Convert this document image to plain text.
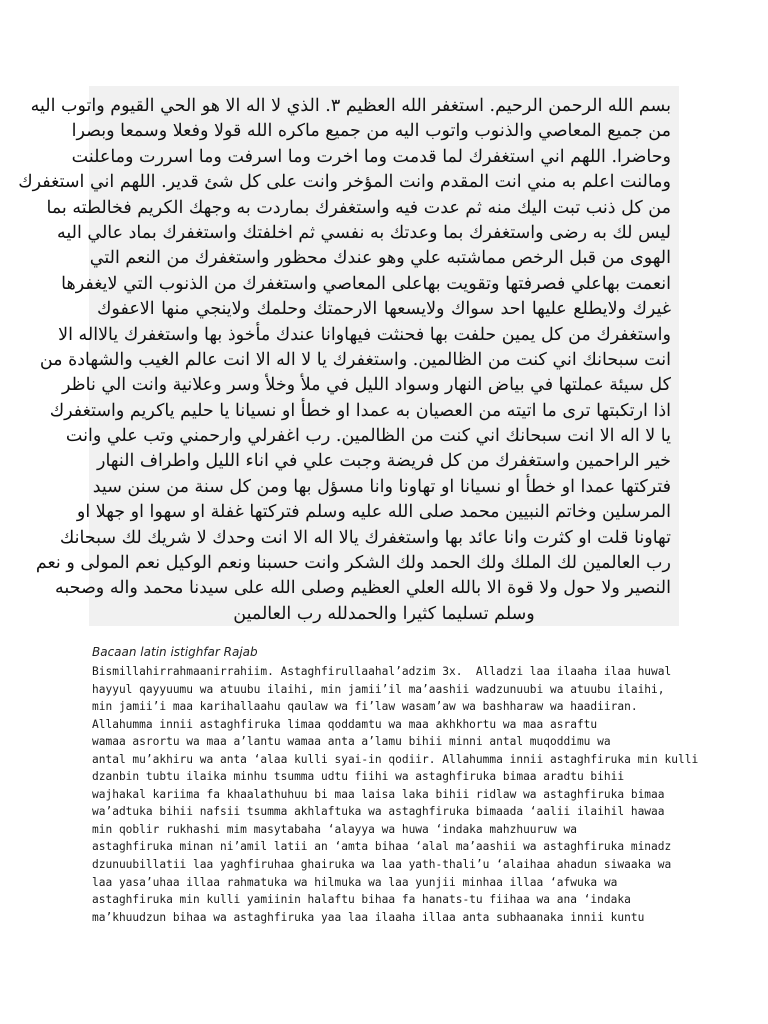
بسم الله الرحمن الرحيم. استغفر الله العظيم ٣. الذي لا اله الا هو الحي القيوم واتوب اليه
من جميع المعاصي والذنوب واتوب اليه من جميع ماكره الله قولا وفعلا وسمعا وبصرا
وحاضرا. اللهم اني استغفرك لما قدمت وما اخرت وما اسرفت وما اسررت وماعلنت
ومالنت اعلم به مني انت المقدم وانت المؤخر وانت على كل شئ قدير. اللهم اني استغفرك
من كل ذنب تبت اليك منه ثم عدت فيه واستغفرك بماردت به وجهك الكريم فخالطته بما
ليس لك به رضى واستغفرك بما وعدتك به نفسي ثم اخلفتك واستغفرك بماد عالي اليه
الهوى من قبل الرخص مماشتبه علي وهو عندك محظور واستغفرك من النعم التي
انعمت بهاعلي فصرفتها وتقويت بهاعلى المعاصي واستغفرك من الذنوب التي لايغفرها
غيرك ولايطلع عليها احد سواك ولايسعها الارحمتك وحلمك ولاينجي منها الاعفوك
واستغفرك من كل يمين حلفت بها فحنثت فيهاوانا عندك مأخوذ بها واستغفرك يالااله الا
انت سبحانك اني كنت من الظالمين. واستغفرك يا لا اله الا انت عالم الغيب والشهادة من
كل سيئة عملتها في بياض النهار وسواد الليل في ملأ وخلأ وسر وعلانية وانت الي ناظر
اذا ارتكبتها ترى ما اتيته من العصيان به عمدا او خطأ او نسيانا يا حليم ياكريم واستغفرك
يا لا اله الا انت سبحانك اني كنت من الظالمين. رب اغفرلي وارحمني وتب علي وانت
خير الراحمين واستغفرك من كل فريضة وجبت علي في اناء الليل واطراف النهار
فتركتها عمدا او خطأ او نسيانا او تهاونا وانا مسؤل بها ومن كل سنة من سنن سيد
المرسلين وخاتم النبيين محمد صلى الله عليه وسلم فتركتها غفلة او سهوا او جهلا او
تهاونا قلت او كثرت وانا عائد بها واستغفرك يالا اله الا انت وحدك لا شريك لك سبحانك
رب العالمين لك الملك ولك الحمد ولك الشكر وانت حسبنا ونعم الوكيل نعم المولى و نعم
النصير ولا حول ولا قوة الا بالله العلي العظيم وصلى الله على سيدنا محمد واله وصحبه
وسلم تسليما كثيرا والحمدلله رب العالمين
Bacaan latin istighfar Rajab
Bismillahirrahmaanirrahiim. Astaghfirullaahal’adzim 3x.  Alladzi laa ilaaha ilaa huwal
hayyul qayyuumu wa atuubu ilaihi, min jamii’il ma’aashii wadzunuubi wa atuubu ilaihi,
min jamii’i maa karihallaahu qaulaw wa fi’law wasam’aw wa bashharaw wa haadiiran.
Allahumma innii astaghfiruka limaa qoddamtu wa maa akhkhortu wa maa asraftu
wamaa asrortu wa maa a’lantu wamaa anta a’lamu bihii minni antal muqoddimu wa
antal mu’akhiru wa anta ‘alaa kulli syai-in qodiir. Allahumma innii astaghfiruka min kulli
dzanbin tubtu ilaika minhu tsumma udtu fiihi wa astaghfiruka bimaa aradtu bihii
wajhakal kariima fa khaalathuhuu bi maa laisa laka bihii ridlaw wa astaghfiruka bimaa
wa’adtuka bihii nafsii tsumma akhlaftuka wa astaghfiruka bimaada ‘aalii ilaihil hawaa
min qoblir rukhashi mim masytabaha ‘alayya wa huwa ‘indaka mahzhuuruw wa
astaghfiruka minan ni’amil latii an ‘amta bihaa ‘alal ma’aashii wa astaghfiruka minadz
dzunuubillatii laa yaghfiruhaa ghairuka wa laa yath-thali’u ‘alaihaa ahadun siwaaka wa
laa yasa’uhaa illaa rahmatuka wa hilmuka wa laa yunjii minhaa illaa ‘afwuka wa
astaghfiruka min kulli yamiinin halaftu bihaa fa hanats-tu fiihaa wa ana ‘indaka
ma’khuudzun bihaa wa astaghfiruka yaa laa ilaaha illaa anta subhaanaka innii kuntu
